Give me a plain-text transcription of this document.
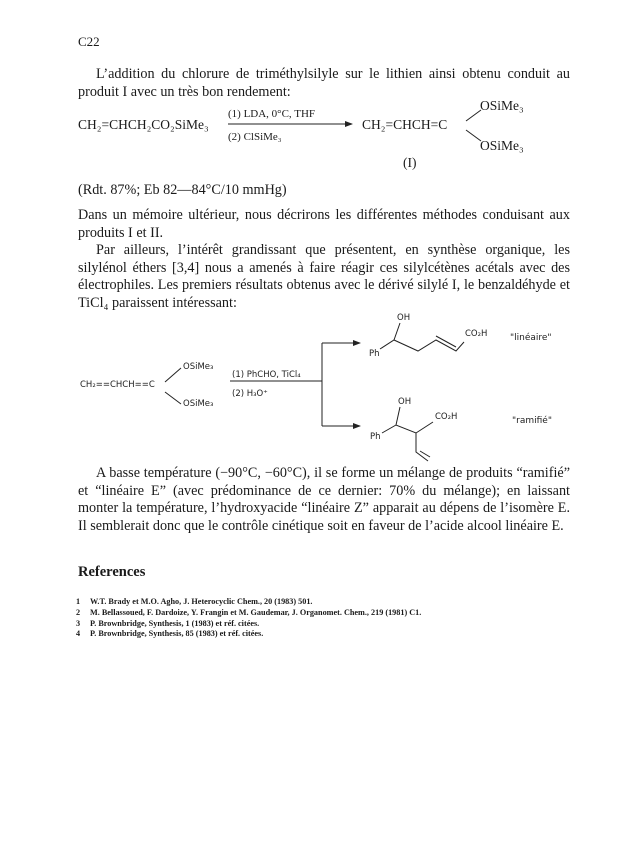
C22

L’addition du chlorure de triméthylsilyle sur le lithien ainsi obtenu conduit au produit I avec un très bon rendement:

CH₂=CHCH₂CO₂SiMe₃
(1) LDA, 0°C, THF
(2) ClSiMe₃
CH₂=CHCH=C
OSiMe₃
OSiMe₃
(I)
(Rdt. 87%; Eb 82—84°C/10 mmHg)

Dans un mémoire ultérieur, nous décrirons les différentes méthodes conduisant aux produits I et II.

Par ailleurs, l’intérêt grandissant que présentent, en synthèse organique, les silylénol éthers [3,4] nous a amenés à faire réagir ces silylcétènes acétals avec des électrophiles. Les premiers résultats obtenus avec le dérivé silylé I, le benzaldéhyde et TiCl₄ paraissent intéressant:

OSiMe₃
CH₂==CHCH==C
OSiMe₃
(1) PhCHO, TiCl₄
(2) H₃O⁺
OH
Ph
CO₂H	"linéaire"
OH
Ph
CO₂H	"ramifié"

A basse température (−90°C, −60°C), il se forme un mélange de produits “ramifié” et “linéaire E” (avec prédominance de ce dernier: 70% du mélange); en laissant monter la température, l’hydroxyacide “linéaire Z” apparait au dépens de l’isomère E. Il semblerait donc que le contrôle cinétique soit en faveur de l’acide alcool linéaire E.

References
1	W.T. Brady et M.O. Agho, J. Heterocyclic Chem., 20 (1983) 501.
2	M. Bellassoued, F. Dardoize, Y. Frangin et M. Gaudemar, J. Organomet. Chem., 219 (1981) C1.
3	P. Brownbridge, Synthesis, 1 (1983) et réf. citées.
4	P. Brownbridge, Synthesis, 85 (1983) et réf. citées.
